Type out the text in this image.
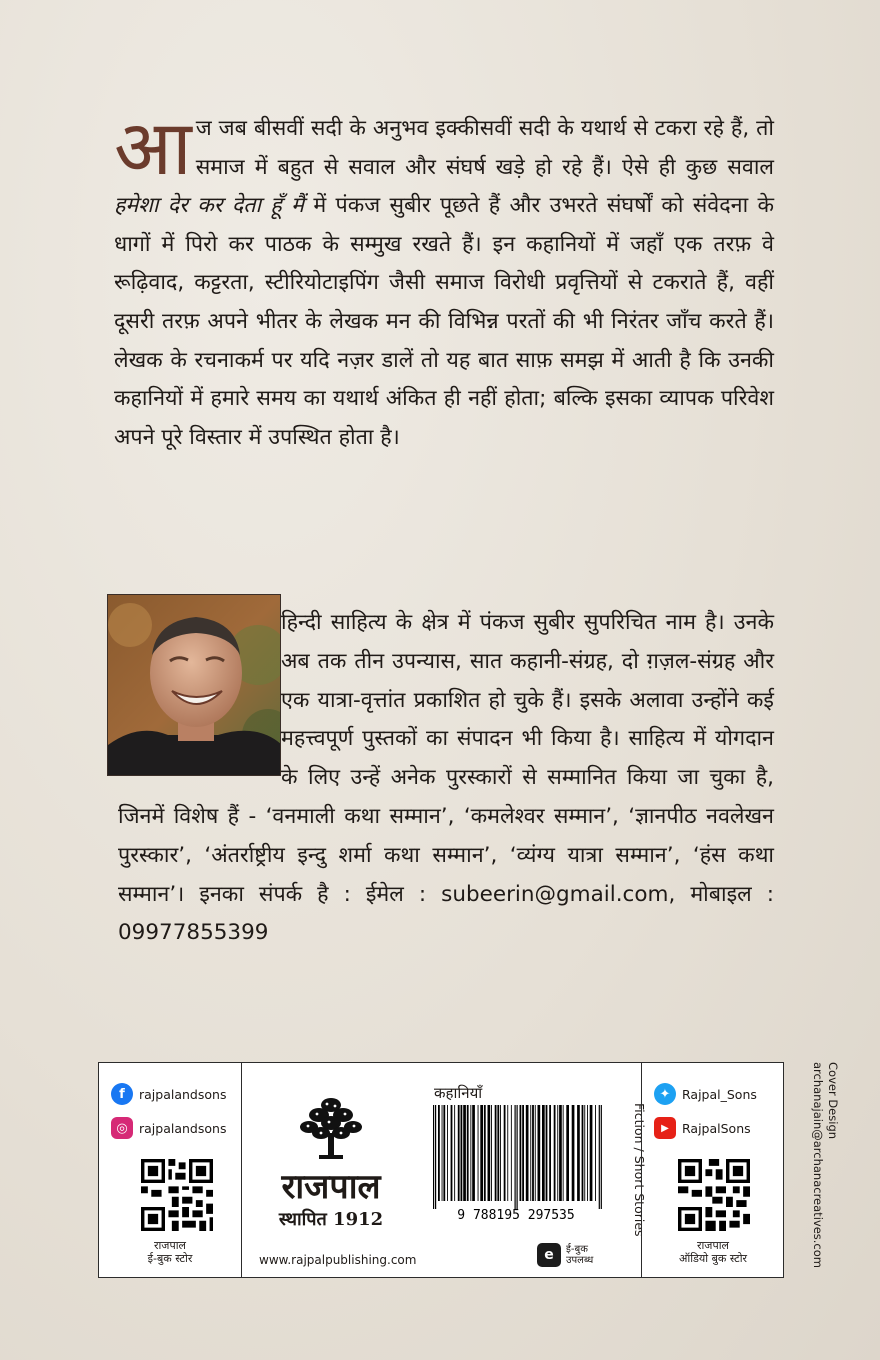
आज जब बीसवीं सदी के अनुभव इक्कीसवीं सदी के यथार्थ से टकरा रहे हैं, तो समाज में बहुत से सवाल और संघर्ष खड़े हो रहे हैं। ऐसे ही कुछ सवाल हमेशा देर कर देता हूँ मैं में पंकज सुबीर पूछते हैं और उभरते संघर्षों को संवेदना के धागों में पिरो कर पाठक के सम्मुख रखते हैं। इन कहानियों में जहाँ एक तरफ़ वे रूढ़िवाद, कट्टरता, स्टीरियोटाइपिंग जैसी समाज विरोधी प्रवृत्तियों से टकराते हैं, वहीं दूसरी तरफ़ अपने भीतर के लेखक मन की विभिन्न परतों की भी निरंतर जाँच करते हैं। लेखक के रचनाकर्म पर यदि नज़र डालें तो यह बात साफ़ समझ में आती है कि उनकी कहानियों में हमारे समय का यथार्थ अंकित ही नहीं होता; बल्कि इसका व्यापक परिवेश अपने पूरे विस्तार में उपस्थित होता है।

हिन्दी साहित्य के क्षेत्र में पंकज सुबीर सुपरिचित नाम है। उनके अब तक तीन उपन्यास, सात कहानी-संग्रह, दो ग़ज़ल-संग्रह और एक यात्रा-वृत्तांत प्रकाशित हो चुके हैं। इसके अलावा उन्होंने कई महत्त्वपूर्ण पुस्तकों का संपादन भी किया है। साहित्य में योगदान के लिए उन्हें अनेक पुरस्कारों से सम्मानित किया जा चुका है, जिनमें विशेष हैं - ‘वनमाली कथा सम्मान’, ‘कमलेश्वर सम्मान’, ‘ज्ञानपीठ नवलेखन पुरस्कार’, ‘अंतर्राष्ट्रीय इन्दु शर्मा कथा सम्मान’, ‘व्यंग्य यात्रा सम्मान’, ‘हंस कथा सम्मान’। इनका संपर्क है : ईमेल : subeerin@gmail.com, मोबाइल : 09977855399

f	rajpalandsons
◎ rajpalandsons
राजपाल
ई-बुक स्टोर
राजपाल
स्थापित 1912
www.rajpalpublishing.com
कहानियाँ
9 788195 297535	Fiction / Short Stories
e	ई-बुक
उपलब्ध
✦ Rajpal_Sons
▶	RajpalSons
राजपाल
ऑडियो बुक स्टोर
Cover Design
archanajain@archanacreatives.com
